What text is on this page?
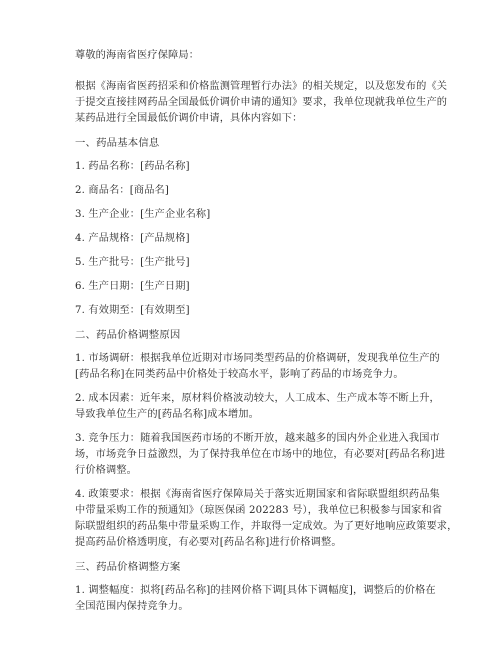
尊敬的海南省医疗保障局：
根据《海南省医药招采和价格监测管理暂行办法》的相关规定，以及您发布的《关
于提交直接挂网药品全国最低价调价申请的通知》要求，我单位现就我单位生产的
某药品进行全国最低价调价申请，具体内容如下：
一、药品基本信息
1. 药品名称：[药品名称]
2. 商品名：[商品名]
3. 生产企业：[生产企业名称]
4. 产品规格：[产品规格]
5. 生产批号：[生产批号]
6. 生产日期：[生产日期]
7. 有效期至：[有效期至]
二、药品价格调整原因
1. 市场调研：根据我单位近期对市场同类型药品的价格调研，发现我单位生产的
[药品名称]在同类药品中价格处于较高水平，影响了药品的市场竞争力。
2. 成本因素：近年来，原材料价格波动较大，人工成本、生产成本等不断上升，
导致我单位生产的[药品名称]成本增加。
3. 竞争压力：随着我国医药市场的不断开放，越来越多的国内外企业进入我国市
场，市场竞争日益激烈，为了保持我单位在市场中的地位，有必要对[药品名称]进
行价格调整。
4. 政策要求：根据《海南省医疗保障局关于落实近期国家和省际联盟组织药品集
中带量采购工作的预通知》（琼医保函 202283 号），我单位已积极参与国家和省
际联盟组织的药品集中带量采购工作，并取得一定成效。为了更好地响应政策要求，
提高药品价格透明度，有必要对[药品名称]进行价格调整。
三、药品价格调整方案
1. 调整幅度：拟将[药品名称]的挂网价格下调[具体下调幅度]，调整后的价格在
全国范围内保持竞争力。
